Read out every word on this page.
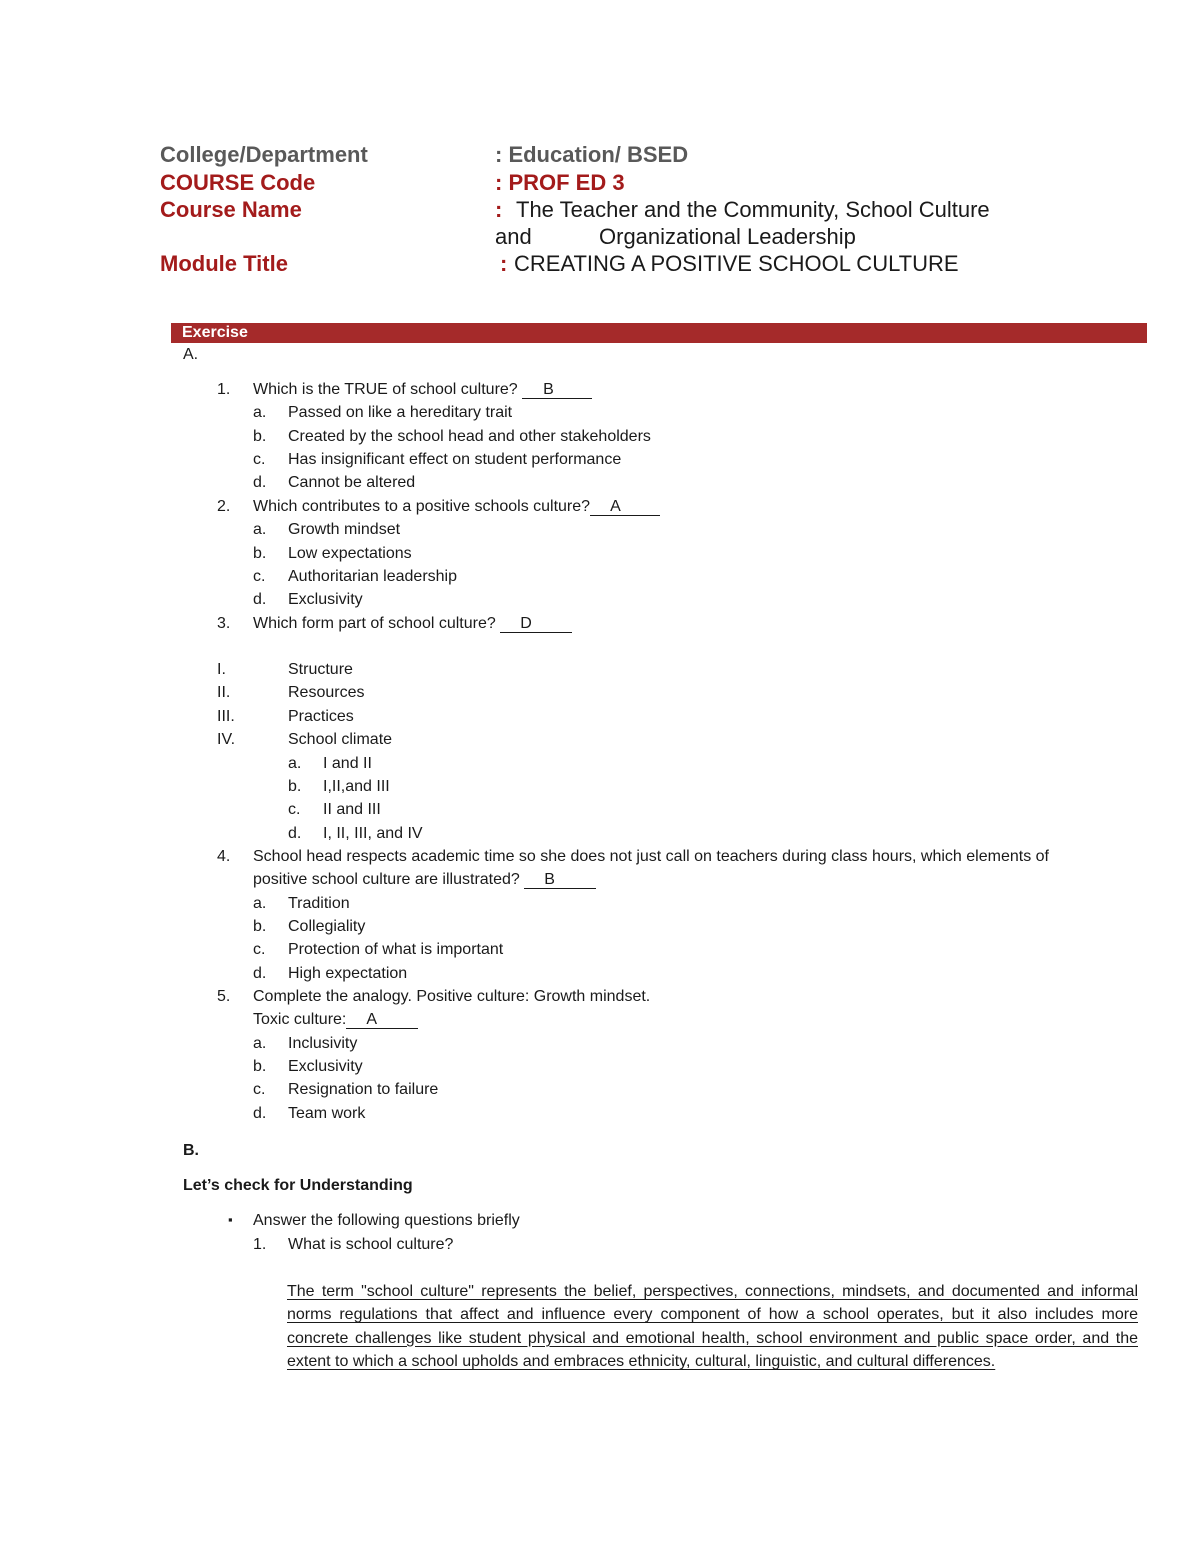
College/Department	: Education/ BSED
COURSE Code	: PROF ED 3
Course Name	: The Teacher and the Community, School Culture
and	Organizational Leadership
Module Title	: CREATING A POSITIVE SCHOOL CULTURE
Exercise
A.
1. Which is the TRUE of school culture? B
a. Passed on like a hereditary trait
b. Created by the school head and other stakeholders
c. Has insignificant effect on student performance
d. Cannot be altered
2. Which contributes to a positive schools culture? A
a. Growth mindset
b. Low expectations
c. Authoritarian leadership
d. Exclusivity
3. Which form part of school culture? D
I.	Structure
II.	Resources
III.	Practices
IV.	School climate
a. I and II
b. I,II,and III
c. II and III
d. I, II, III, and IV
4. School head respects academic time so she does not just call on teachers during class hours, which elements of
positive school culture are illustrated? B
a. Tradition
b. Collegiality
c. Protection of what is important
d. High expectation
5. Complete the analogy. Positive culture: Growth mindset.
Toxic culture: A
a. Inclusivity
b. Exclusivity
c. Resignation to failure
d. Team work
B.
Let’s check for Understanding
▪ Answer the following questions briefly
1. What is school culture?
The term "school culture" represents the belief, perspectives, connections, mindsets, and documented and informal norms regulations that affect and influence every component of how a school operates, but it also includes more concrete challenges like student physical and emotional health, school environment and public space order, and the extent to which a school upholds and embraces ethnicity, cultural, linguistic, and cultural differences.
